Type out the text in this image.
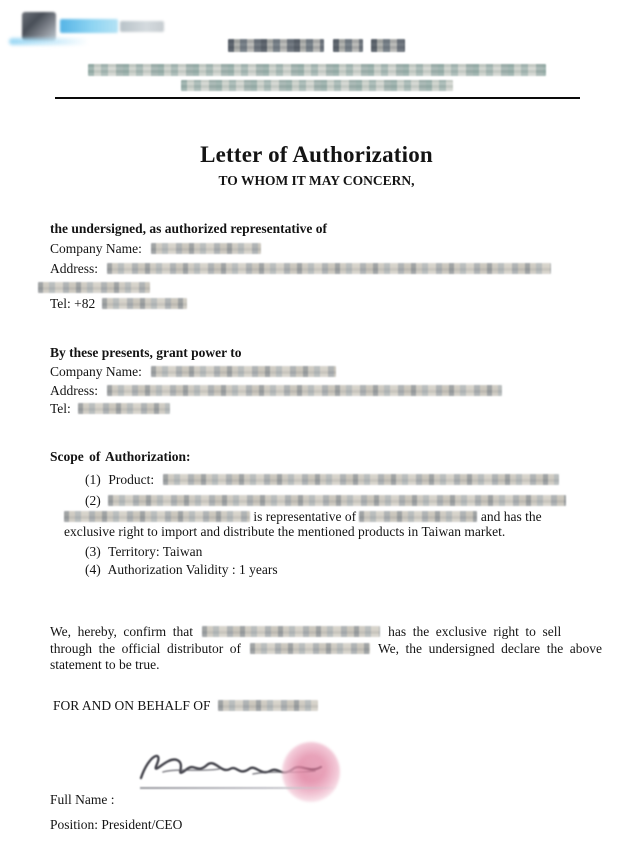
Letter of Authorization
TO WHOM IT MAY CONCERN,
the undersigned, as authorized representative of
Company Name:
Address:
Tel: +82
By these presents, grant power to
Company Name:
Address:
Tel:
Scope of Authorization:
(1) Product:
(2)
is representative of	and has the
exclusive right to import and distribute the mentioned products in Taiwan market.
(3) Territory: Taiwan
(4) Authorization Validity : 1 years
We, hereby, confirm that	has the exclusive right to sell
through the official distributor of	We, the undersigned declare the above
statement to be true.
FOR AND ON BEHALF OF
Full Name :
Position: President/CEO
